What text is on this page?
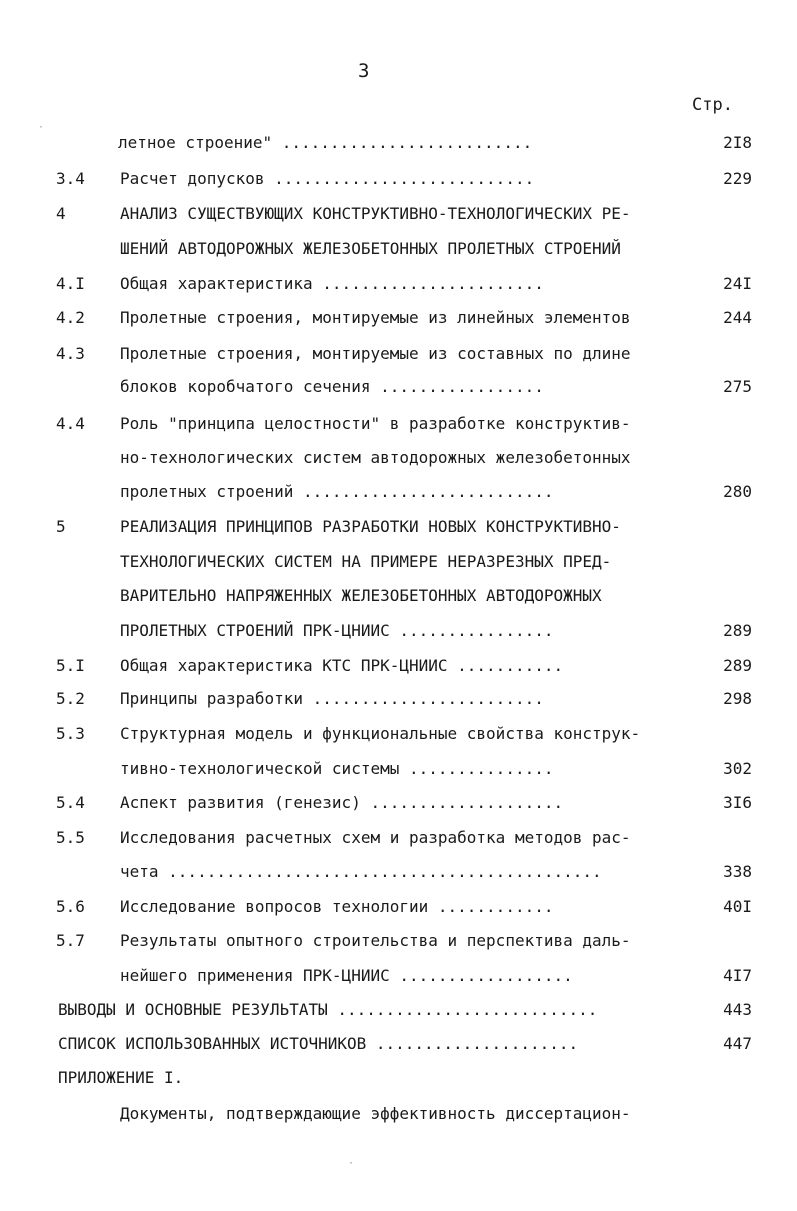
3
Стр.
летное строение" ..........................	2I8
3.4 Расчет допусков ...........................	229
4	АНАЛИЗ СУЩЕСТВУЮЩИХ КОНСТРУКТИВНО-ТЕХНОЛОГИЧЕСКИХ РЕ-
ШЕНИЙ АВТОДОРОЖНЫХ ЖЕЛЕЗОБЕТОННЫХ ПРОЛЕТНЫХ СТРОЕНИЙ
4.I Общая характеристика .......................	24I
4.2 Пролетные строения, монтируемые из линейных элементов	244
4.3 Пролетные строения, монтируемые из составных по длине
блоков коробчатого сечения .................	275
4.4 Роль "принципа целостности" в разработке конструктив-
но-технологических систем автодорожных железобетонных
пролетных строений ..........................	280
5	РЕАЛИЗАЦИЯ ПРИНЦИПОВ РАЗРАБОТКИ НОВЫХ КОНСТРУКТИВНО-
ТЕХНОЛОГИЧЕСКИХ СИСТЕМ НА ПРИМЕРЕ НЕРАЗРЕЗНЫХ ПРЕД-
ВАРИТЕЛЬНО НАПРЯЖЕННЫХ ЖЕЛЕЗОБЕТОННЫХ АВТОДОРОЖНЫХ
ПРОЛЕТНЫХ СТРОЕНИЙ ПРК-ЦНИИС ................	289
5.I Общая характеристика КТС ПРК-ЦНИИС ...........	289
5.2 Принципы разработки ........................	298
5.3 Структурная модель и функциональные свойства конструк-
тивно-технологической системы ...............	302
5.4 Аспект развития (генезис) ....................	3I6
5.5 Исследования расчетных схем и разработка методов рас-
чета .............................................	338
5.6 Исследование вопросов технологии ............	40I
5.7 Результаты опытного строительства и перспектива даль-
нейшего применения ПРК-ЦНИИС ..................	4I7
ВЫВОДЫ И ОСНОВНЫЕ РЕЗУЛЬТАТЫ ...........................	443
СПИСОК ИСПОЛЬЗОВАННЫХ ИСТОЧНИКОВ .....................	447
ПРИЛОЖЕНИЕ I.
Документы, подтверждающие эффективность диссертацион-
·
·
